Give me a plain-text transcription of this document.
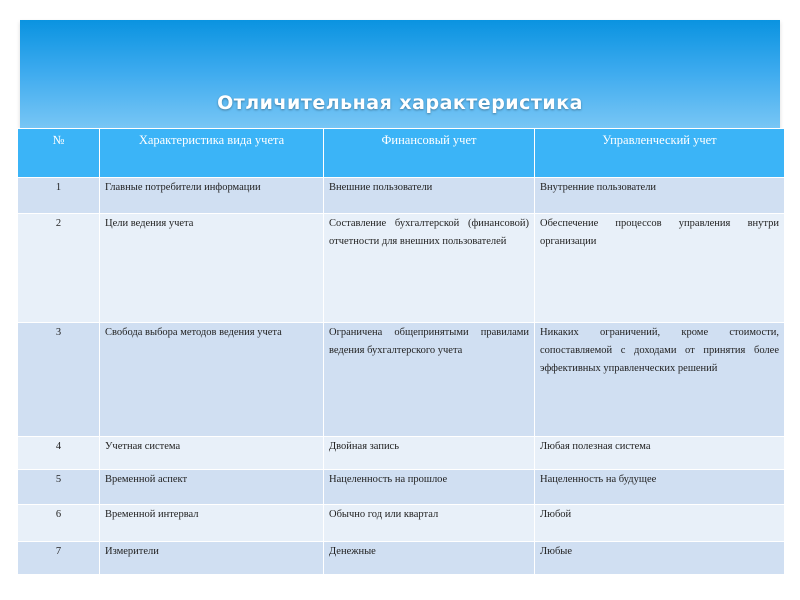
Отличительная характеристика
№	Характеристика вида учета	Финансовый учет	Управленческий учет
1	Главные потребители информации	Внешние пользователи	Внутренние пользователи
2	Цели ведения учета	Составление бухгалтерской (финансовой) отчетности для внешних пользователей	Обеспечение процессов управления внутри организации
3	Свобода выбора методов ведения учета	Ограничена общепринятыми правилами ведения бухгалтерского учета	Никаких ограничений, кроме стоимости, сопоставляемой с доходами от принятия более эффективных управленческих решений
4	Учетная система	Двойная запись	Любая полезная система
5	Временной аспект	Нацеленность на прошлое	Нацеленность на будущее
6	Временной интервал	Обычно год или квартал	Любой
7	Измерители	Денежные	Любые
